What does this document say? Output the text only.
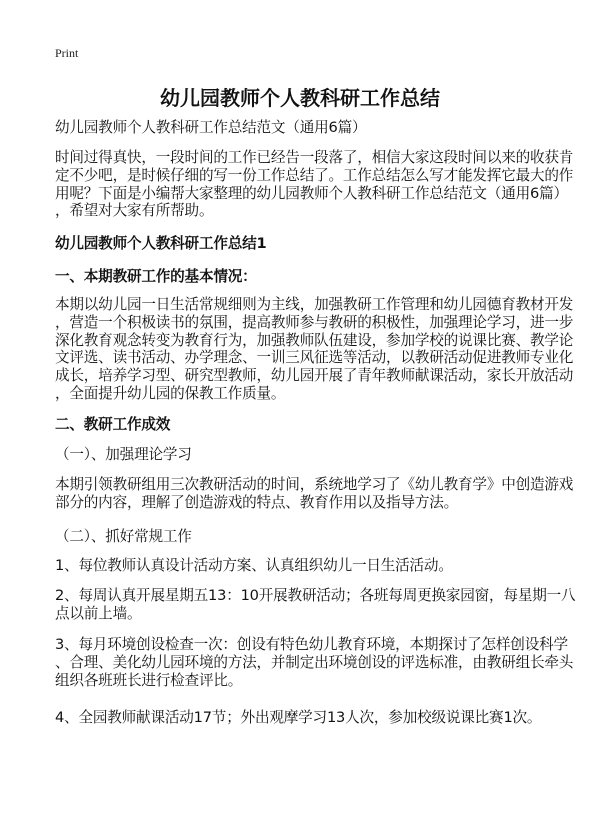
Print
幼儿园教师个人教科研工作总结
幼儿园教师个人教科研工作总结范文（通用6篇）
时间过得真快，一段时间的工作已经告一段落了，相信大家这段时间以来的收获肯
定不少吧，是时候仔细的写一份工作总结了。工作总结怎么写才能发挥它最大的作
用呢？下面是小编帮大家整理的幼儿园教师个人教科研工作总结范文（通用6篇）
，希望对大家有所帮助。
幼儿园教师个人教科研工作总结1
一、本期教研工作的基本情况：
本期以幼儿园一日生活常规细则为主线，加强教研工作管理和幼儿园德育教材开发
，营造一个积极读书的氛围，提高教师参与教研的积极性，加强理论学习，进一步
深化教育观念转变为教育行为，加强教师队伍建设，参加学校的说课比赛、教学论
文评选、读书活动、办学理念、一训三风征选等活动，以教研活动促进教师专业化
成长，培养学习型、研究型教师，幼儿园开展了青年教师献课活动，家长开放活动
，全面提升幼儿园的保教工作质量。
二、教研工作成效
（一）、加强理论学习
本期引领教研组用三次教研活动的时间，系统地学习了《幼儿教育学》中创造游戏
部分的内容，理解了创造游戏的特点、教育作用以及指导方法。
（二）、抓好常规工作
1、每位教师认真设计活动方案、认真组织幼儿一日生活活动。
2、每周认真开展星期五13：10开展教研活动；各班每周更换家园窗，每星期一八
点以前上墙。
3、每月环境创设检查一次：创设有特色幼儿教育环境，本期探讨了怎样创设科学
、合理、美化幼儿园环境的方法，并制定出环境创设的评选标准，由教研组长牵头
组织各班班长进行检查评比。
4、全园教师献课活动17节；外出观摩学习13人次，参加校级说课比赛1次。
